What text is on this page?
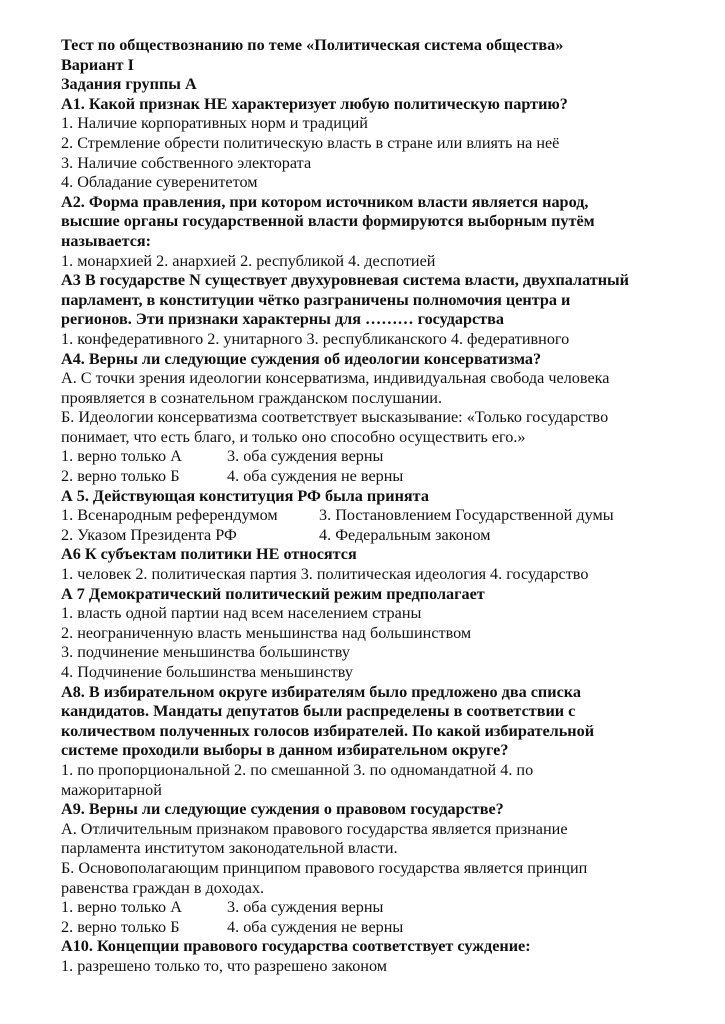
Тест по обществознанию по теме «Политическая система общества»

Вариант I

Задания группы А

А1. Какой признак НЕ характеризует любую политическую партию?

1. Наличие корпоративных норм и традиций

2. Стремление обрести политическую власть в стране или влиять на неё

3. Наличие собственного электората

4. Обладание суверенитетом

А2. Форма правления, при котором источником власти является народ,

высшие органы государственной власти формируются выборным путём

называется:

1. монархией 2. анархией 2. республикой 4. деспотией

А3 В государстве N существует двухуровневая система власти, двухпалатный

парламент, в конституции чётко разграничены полномочия центра и

регионов. Эти признаки характерны для ……… государства

1. конфедеративного 2. унитарного 3. республиканского 4. федеративного

А4. Верны ли следующие суждения об идеологии консерватизма?

А. С точки зрения идеологии консерватизма, индивидуальная свобода человека

проявляется в сознательном гражданском послушании.

Б. Идеологии консерватизма соответствует высказывание: «Только государство

понимает, что есть благо, и только оно способно осуществить его.»

1. верно только А	3. оба суждения верны
2. верно только Б	4. оба суждения не верны

А 5. Действующая конституция РФ была принята

1. Всенародным референдумом	3. Постановлением Государственной думы
2. Указом Президента РФ	4. Федеральным законом

А6 К субъектам политики НЕ относятся

1. человек 2. политическая партия 3. политическая идеология 4. государство

А 7 Демократический политический режим предполагает

1. власть одной партии над всем населением страны

2. неограниченную власть меньшинства над большинством

3. подчинение меньшинства большинству

4. Подчинение большинства меньшинству

А8. В избирательном округе избирателям было предложено два списка

кандидатов. Мандаты депутатов были распределены в соответствии с

количеством полученных голосов избирателей. По какой избирательной

системе проходили выборы в данном избирательном округе?

1. по пропорциональной 2. по смешанной 3. по одномандатной 4. по

мажоритарной

А9. Верны ли следующие суждения о правовом государстве?

А. Отличительным признаком правового государства является признание

парламента институтом законодательной власти.

Б. Основополагающим принципом правового государства является принцип

равенства граждан в доходах.

1. верно только А	3. оба суждения верны
2. верно только Б	4. оба суждения не верны

А10. Концепции правового государства соответствует суждение:

1. разрешено только то, что разрешено законом
